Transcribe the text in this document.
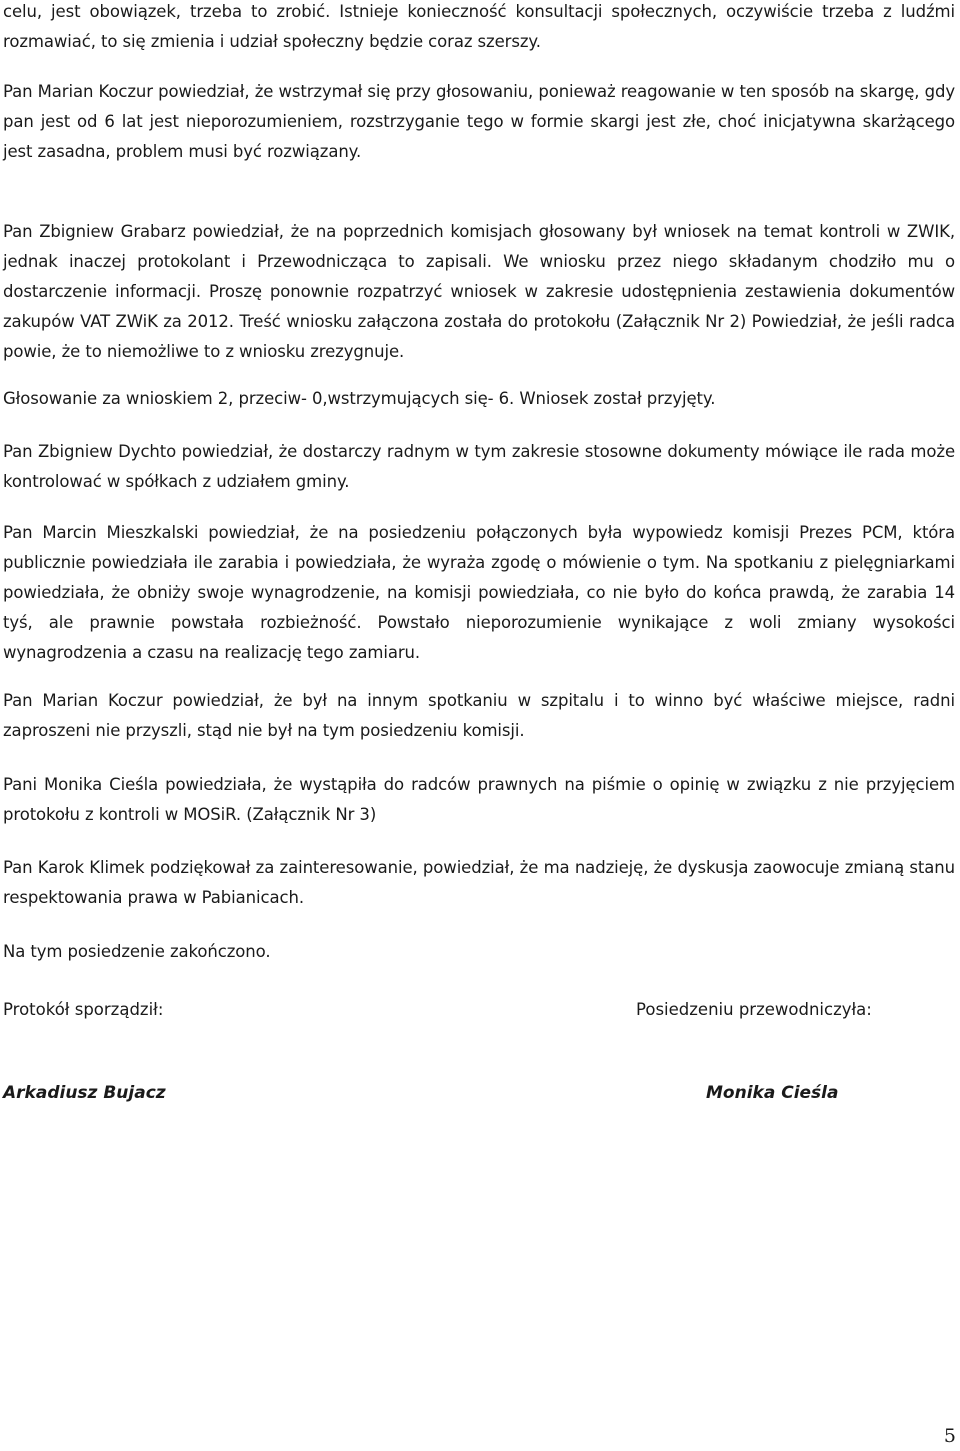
celu, jest obowiązek, trzeba to zrobić. Istnieje konieczność konsultacji społecznych, oczywiście trzeba z ludźmi rozmawiać, to się zmienia i udział społeczny będzie coraz szerszy.

Pan Marian Koczur powiedział, że wstrzymał się przy głosowaniu, ponieważ reagowanie w ten sposób na skargę, gdy pan jest od 6 lat jest nieporozumieniem, rozstrzyganie tego w formie skargi jest złe, choć inicjatywna skarżącego jest zasadna, problem musi być rozwiązany.

Pan Zbigniew Grabarz powiedział, że na poprzednich komisjach głosowany był wniosek na temat kontroli w ZWIK, jednak inaczej protokolant i Przewodnicząca to zapisali. We wniosku przez niego składanym chodziło mu o dostarczenie informacji. Proszę ponownie rozpatrzyć wniosek w zakresie udostępnienia zestawienia dokumentów zakupów VAT ZWiK za 2012. Treść wniosku załączona została do protokołu (Załącznik Nr 2) Powiedział, że jeśli radca powie, że to niemożliwe to z wniosku zrezygnuje.

Głosowanie za wnioskiem 2, przeciw- 0,wstrzymujących się- 6. Wniosek został przyjęty.

Pan Zbigniew Dychto powiedział, że dostarczy radnym w tym zakresie stosowne dokumenty mówiące ile rada może kontrolować w spółkach z udziałem gminy.

Pan Marcin Mieszkalski powiedział, że na posiedzeniu połączonych była wypowiedz komisji Prezes PCM, która publicznie powiedziała ile zarabia i powiedziała, że wyraża zgodę o mówienie o tym. Na spotkaniu z pielęgniarkami powiedziała, że obniży swoje wynagrodzenie, na komisji powiedziała, co nie było do końca prawdą, że zarabia 14 tyś, ale prawnie powstała rozbieżność. Powstało nieporozumienie wynikające z woli zmiany wysokości wynagrodzenia a czasu na realizację tego zamiaru.

Pan Marian Koczur powiedział, że był na innym spotkaniu w szpitalu i to winno być właściwe miejsce, radni zaproszeni nie przyszli, stąd nie był na tym posiedzeniu komisji.

Pani Monika Cieśla powiedziała, że wystąpiła do radców prawnych na piśmie o opinię w związku z nie przyjęciem protokołu z kontroli w MOSiR. (Załącznik Nr 3)

Pan Karok Klimek podziękował za zainteresowanie, powiedział, że ma nadzieję, że dyskusja zaowocuje zmianą stanu respektowania prawa w Pabianicach.

Na tym posiedzenie zakończono.

Protokół sporządził:	Posiedzeniu przewodniczyła:

Arkadiusz Bujacz	Monika Cieśla

5
